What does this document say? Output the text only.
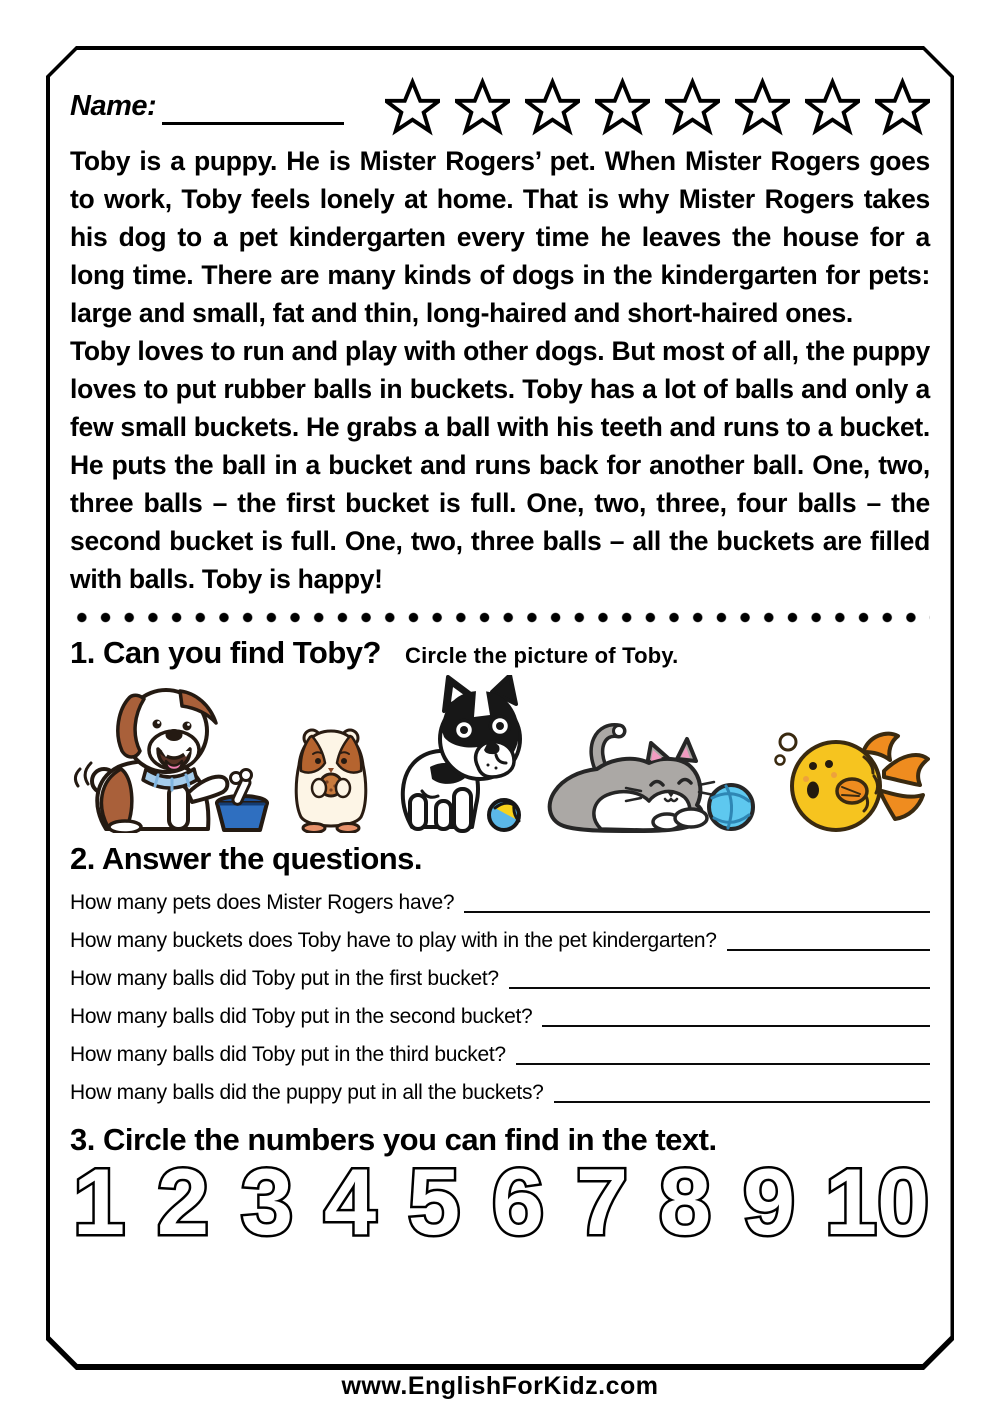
Name:

Toby is a puppy. He is Mister Rogers’ pet. When Mister Rogers goes to work, Toby feels lonely at home. That is why Mister Rogers takes his dog to a pet kindergarten every time he leaves the house for a long time. There are many kinds of dogs in the kindergarten for pets: large and small, fat and thin, long-haired and short-haired ones.

Toby loves to run and play with other dogs. But most of all, the puppy loves to put rubber balls in buckets. Toby has a lot of balls and only a few small buckets. He grabs a ball with his teeth and runs to a bucket. He puts the ball in a bucket and runs back for another ball. One, two, three balls – the first bucket is full. One, two, three, four balls – the second bucket is full. One, two, three balls – all the buckets are filled with balls. Toby is happy!

1. Can you find Toby? Circle the picture of Toby.
2. Answer the questions.
How many pets does Mister Rogers have?
How many buckets does Toby have to play with in the pet kindergarten?
How many balls did Toby put in the first bucket?
How many balls did Toby put in the second bucket?
How many balls did Toby put in the third bucket?
How many balls did the puppy put in all the buckets?
3. Circle the numbers you can find in the text.
1 2 3 4 5 6 7 8 9 10
www.EnglishForKidz.com
